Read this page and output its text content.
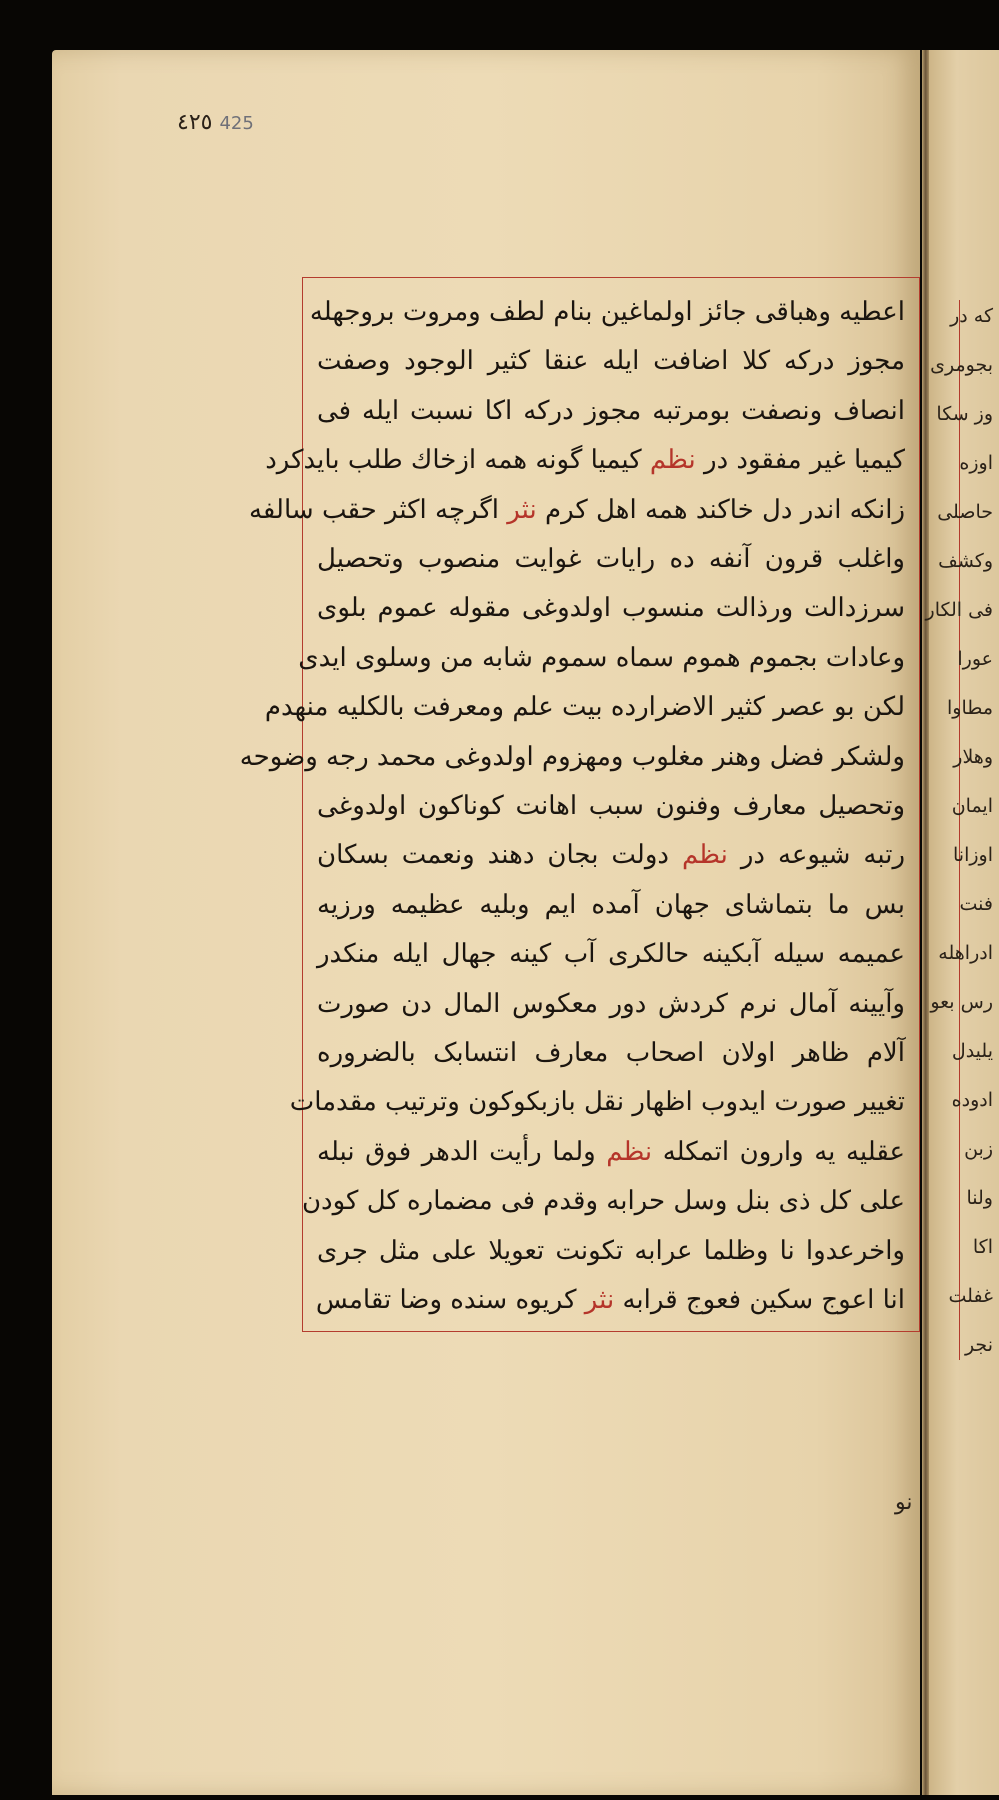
٤٢٥ 425
اعطیه وهباقی جائز اولماغین بنام لطف ومروت بروجهله
مجوز درکه کلا اضافت ایله عنقا کثیر الوجود وصفت
انصاف ونصفت بومرتبه مجوز درکه اکا نسبت ایله فی
کیمیا غیر مفقود در نظم کیمیا گونه همه ازخاك طلب بایدکرد
زانکه اندر دل خاکند همه اهل کرم نثر اگرچه اکثر حقب سالفه
واغلب قرون آنفه ده رایات غوایت منصوب وتحصیل
سرزدالت ورذالت منسوب اولدوغی مقوله عموم بلوی
وعادات بجموم هموم سماه سموم شابه من وسلوی ایدی
لکن بو عصر کثیر الاضرارده بیت علم ومعرفت بالکلیه منهدم
ولشکر فضل وهنر مغلوب ومهزوم اولدوغی محمد رجه وضوحه
وتحصیل معارف وفنون سبب اهانت کوناکون اولدوغی
رتبه شیوعه در نظم دولت بجان دهند ونعمت بسکان
بس ما بتماشای جهان آمده ایم وبلیه عظیمه ورزیه
عمیمه سیله آبکینه حالکری آب کینه جهال ایله منکدر
وآیینه آمال نرم کردش دور معکوس المال دن صورت
آلام ظاهر اولان اصحاب معارف انتسابک بالضروره
تغییر صورت ایدوب اظهار نقل بازبکوکون وترتیب مقدمات
عقلیه یه وارون اتمکله نظم ولما رأیت الدهر فوق نبله
علی کل ذی بنل وسل حرابه وقدم فی مضماره کل کودن
واخرعدوا نا وظلما عرابه تکونت تعویلا علی مثل جری
انا اعوج سکین فعوج قرابه نثر کریوه سنده وضا تقامس
که در
بجومری
وز سکا
اوزه
حاصلی
وکشف
فی الکار
عورا
مطاوا
وهلار
ایمان
اوزانا
فنت
ادراهله
رس بعو
یلیدل
ادوده
زبن
ولنا
اکا
غفلت
نجر
نو
